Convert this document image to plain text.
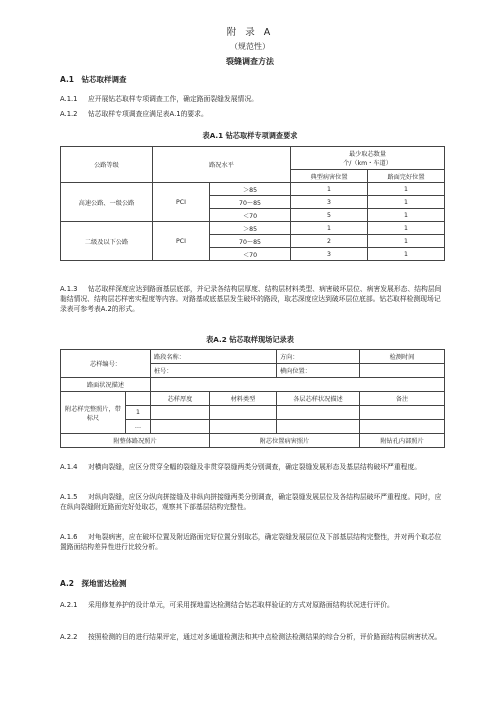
附 录 A
（规范性）
裂缝调查方法
A.1　钻芯取样调查
A.1.1 应开展钻芯取样专项调查工作，确定路面裂缝发展情况。
A.1.2 钻芯取样专项调查应满足表A.1的要求。
表A.1 钻芯取样专项调查要求
公路等级	路况水平		最少取芯数量
个/（km・车道）	

			典型病害位置	路面完好位置
高速公路、一级公路	PCI	＞85	1	1
		70～85	3	1
		＜70	5	1
二级及以下公路	PCI	＞85	1	1
		70～85	2	1
		＜70	3	1
A.1.3 钻芯取样深度应达到路面基层底部，并记录各结构层厚度、结构层材料类型、病害破坏层位、病害发展形态、结构层间黏结情况、结构层芯样密实程度等内容。对路基或底基层发生破坏的路段，取芯深度应达到破坏层位底部。钻芯取样检测现场记录表可参考表A.2的形式。
表A.2 钻芯取样现场记录表
芯样编号：		路段名称：		方向：	检测时间
		桩号：		横向位置：	
路面状况描述					
附芯样完整照片，带标尺		芯样厚度	材料类型	各层芯样状况描述	备注
	1				
	…				
附整体路况照片			附芯位置病害照片		附钻孔内部照片
A.1.4 对横向裂缝，应区分贯穿全幅的裂缝及非贯穿裂缝两类分别调查，确定裂缝发展形态及基层结构破坏严重程度。
A.1.5 对纵向裂缝，应区分纵向拼接缝及非纵向拼接缝两类分别调查，确定裂缝发展层位及各结构层破坏严重程度。同时，应在纵向裂缝附近路面完好处取芯，观察其下部基层结构完整性。
A.1.6 对龟裂病害，应在破坏位置及附近路面完好位置分别取芯，确定裂缝发展层位及下部基层结构完整性，并对两个取芯位置路面结构差异性进行比较分析。
A.2　探地雷达检测
A.2.1 采用修复养护的设计单元，可采用探地雷达检测结合钻芯取样验证的方式对原路面结构状况进行评价。
A.2.2 按照检测的目的进行结果评定，通过对多通道检测法和其中点检测法检测结果的综合分析，评价路面结构层病害状况。
